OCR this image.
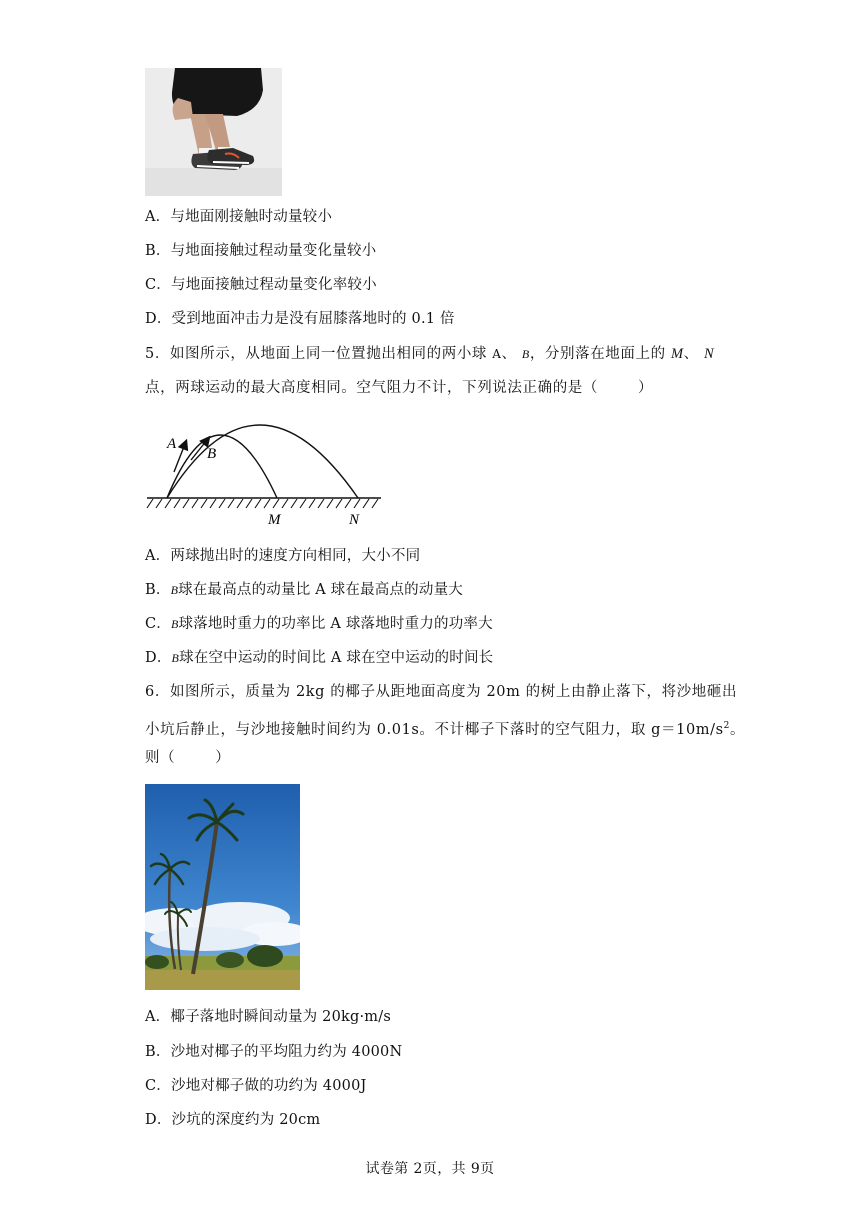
A．与地面刚接触时动量较小
B．与地面接触过程动量变化量较小
C．与地面接触过程动量变化率较小
D．受到地面冲击力是没有屈膝落地时的 0.1 倍
5．如图所示，从地面上同一位置抛出相同的两小球 A、 B，分别落在地面上的 M、 N
点，两球运动的最大高度相同。空气阻力不计，下列说法正确的是（	）
A
B
M	N
A．两球抛出时的速度方向相同，大小不同
B．B球在最高点的动量比 A 球在最高点的动量大
C．B球落地时重力的功率比 A 球落地时重力的功率大
D．B球在空中运动的时间比 A 球在空中运动的时间长
6．如图所示，质量为 2kg 的椰子从距地面高度为 20m 的树上由静止落下，将沙地砸出
小坑后静止，与沙地接触时间约为 0.01s。不计椰子下落时的空气阻力，取 $g=10m/s^2$。
则（	）
A．椰子落地时瞬间动量为 20kg·m/s
B．沙地对椰子的平均阻力约为 4000N
C．沙地对椰子做的功约为 4000J
D．沙坑的深度约为 20cm
试卷第 2页，共 9页
